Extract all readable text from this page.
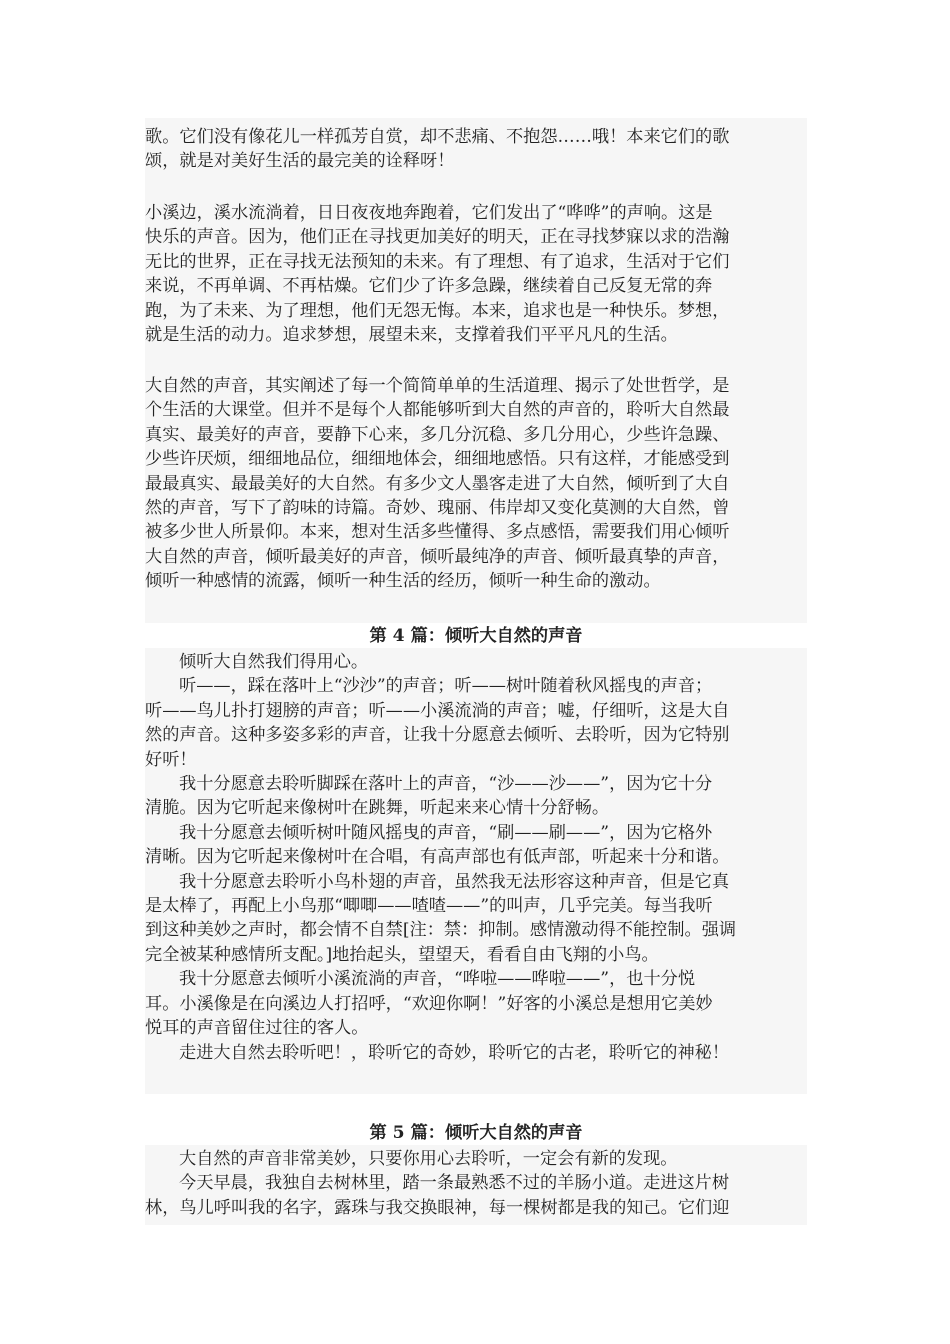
歌。它们没有像花儿一样孤芳自赏，却不悲痛、不抱怨……哦！本来它们的歌

颂，就是对美好生活的最完美的诠释呀！

小溪边，溪水流淌着，日日夜夜地奔跑着，它们发出了“哗哗”的声响。这是

快乐的声音。因为，他们正在寻找更加美好的明天，正在寻找梦寐以求的浩瀚

无比的世界，正在寻找无法预知的未来。有了理想、有了追求，生活对于它们

来说，不再单调、不再枯燥。它们少了许多急躁，继续着自己反复无常的奔

跑，为了未来、为了理想，他们无怨无悔。本来，追求也是一种快乐。梦想，

就是生活的动力。追求梦想，展望未来，支撑着我们平平凡凡的生活。

大自然的声音，其实阐述了每一个简简单单的生活道理、揭示了处世哲学，是

个生活的大课堂。但并不是每个人都能够听到大自然的声音的，聆听大自然最

真实、最美好的声音，要静下心来，多几分沉稳、多几分用心，少些许急躁、

少些许厌烦，细细地品位，细细地体会，细细地感悟。只有这样，才能感受到

最最真实、最最美好的大自然。有多少文人墨客走进了大自然，倾听到了大自

然的声音，写下了韵味的诗篇。奇妙、瑰丽、伟岸却又变化莫测的大自然，曾

被多少世人所景仰。本来，想对生活多些懂得、多点感悟，需要我们用心倾听

大自然的声音，倾听最美好的声音，倾听最纯净的声音、倾听最真挚的声音，

倾听一种感情的流露，倾听一种生活的经历，倾听一种生命的激动。

第 4 篇：倾听大自然的声音

倾听大自然我们得用心。

听——，踩在落叶上“沙沙”的声音；听——树叶随着秋风摇曳的声音；

听——鸟儿扑打翅膀的声音；听——小溪流淌的声音；嘘，仔细听，这是大自

然的声音。这种多姿多彩的声音，让我十分愿意去倾听、去聆听，因为它特别

好听！

我十分愿意去聆听脚踩在落叶上的声音，“沙——沙——”，因为它十分

清脆。因为它听起来像树叶在跳舞，听起来来心情十分舒畅。

我十分愿意去倾听树叶随风摇曳的声音，“刷——刷——”，因为它格外

清晰。因为它听起来像树叶在合唱，有高声部也有低声部，听起来十分和谐。

我十分愿意去聆听小鸟朴翅的声音，虽然我无法形容这种声音，但是它真

是太棒了，再配上小鸟那“唧唧——喳喳——”的叫声，几乎完美。每当我听

到这种美妙之声时，都会情不自禁[注：禁：抑制。感情激动得不能控制。强调

完全被某种感情所支配。]地抬起头，望望天，看看自由飞翔的小鸟。

我十分愿意去倾听小溪流淌的声音，“哗啦——哗啦——”，也十分悦

耳。小溪像是在向溪边人打招呼，“欢迎你啊！”好客的小溪总是想用它美妙

悦耳的声音留住过往的客人。

走进大自然去聆听吧！，聆听它的奇妙，聆听它的古老，聆听它的神秘！

第 5 篇：倾听大自然的声音

大自然的声音非常美妙，只要你用心去聆听，一定会有新的发现。

今天早晨，我独自去树林里，踏一条最熟悉不过的羊肠小道。走进这片树

林，鸟儿呼叫我的名字，露珠与我交换眼神，每一棵树都是我的知己。它们迎
